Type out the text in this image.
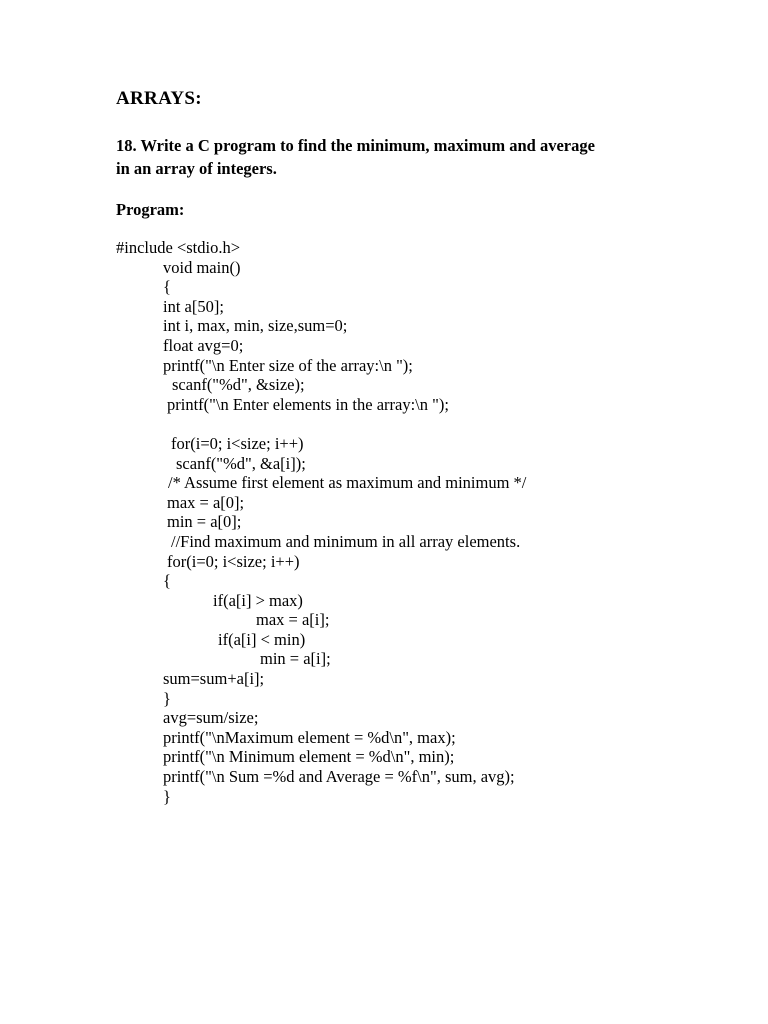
ARRAYS:

18. Write a C program to find the minimum, maximum and average
in an array of integers.

Program:

#include <stdio.h>
void main()
{
int a[50];
int i, max, min, size,sum=0;
float avg=0;
printf("\n Enter size of the array:\n ");
scanf("%d", &size);
printf("\n Enter elements in the array:\n ");
for(i=0; i<size; i++)
scanf("%d", &a[i]);
/* Assume first element as maximum and minimum */
max = a[0];
min = a[0];
//Find maximum and minimum in all array elements.
for(i=0; i<size; i++)
{
if(a[i] > max)
max = a[i];
if(a[i] < min)
min = a[i];
sum=sum+a[i];
}
avg=sum/size;
printf("\nMaximum element = %d\n", max);
printf("\n Minimum element = %d\n", min);
printf("\n Sum =%d and Average = %f\n", sum, avg);
}
